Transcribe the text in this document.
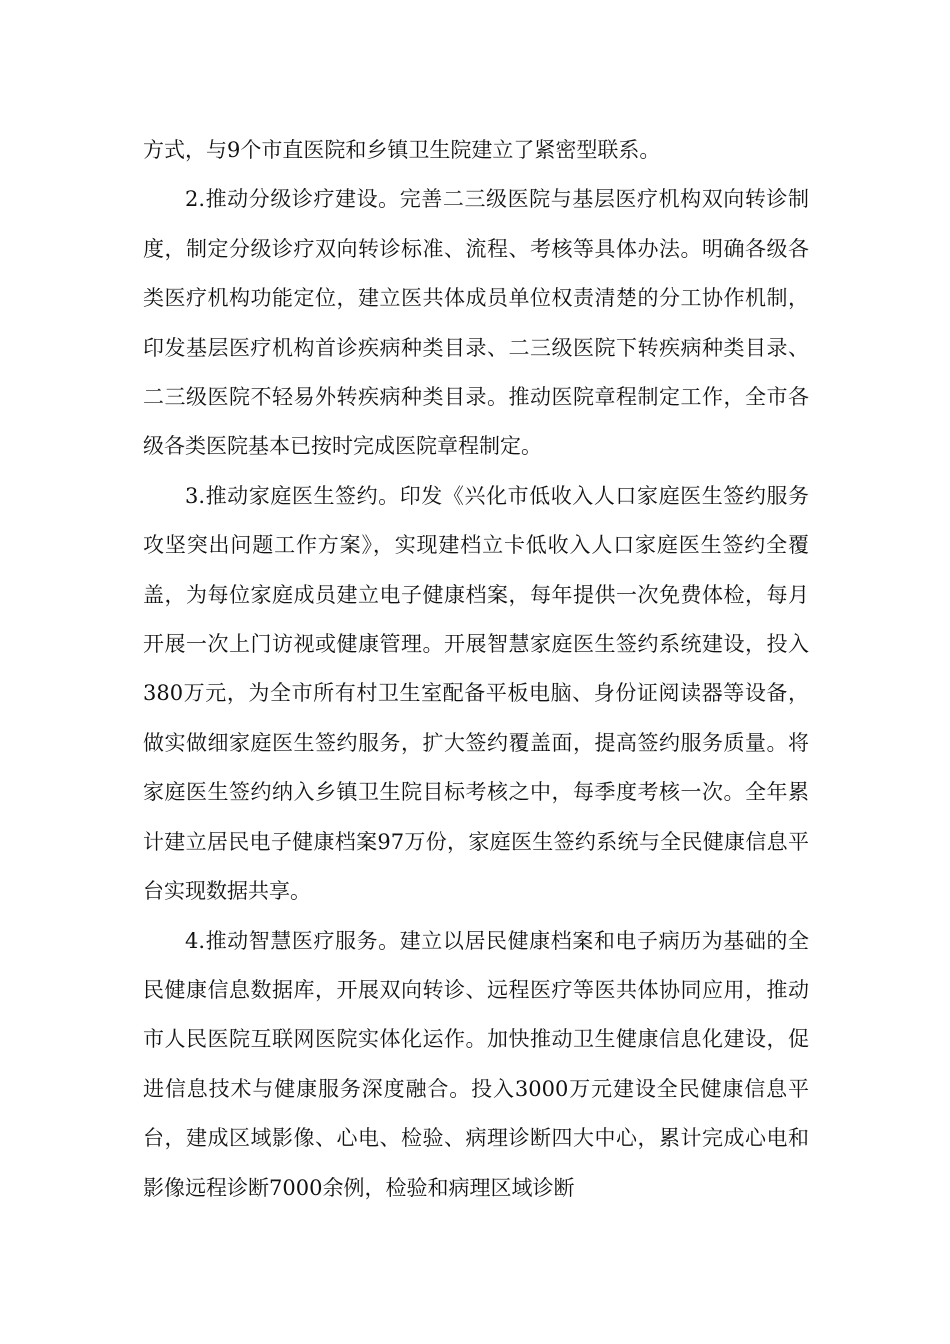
方式，与9个市直医院和乡镇卫生院建立了紧密型联系。

2.推动分级诊疗建设。完善二三级医院与基层医疗机构双向转诊制度，制定分级诊疗双向转诊标准、流程、考核等具体办法。明确各级各类医疗机构功能定位，建立医共体成员单位权责清楚的分工协作机制，印发基层医疗机构首诊疾病种类目录、二三级医院下转疾病种类目录、二三级医院不轻易外转疾病种类目录。推动医院章程制定工作，全市各级各类医院基本已按时完成医院章程制定。

3.推动家庭医生签约。印发《兴化市低收入人口家庭医生签约服务攻坚突出问题工作方案》，实现建档立卡低收入人口家庭医生签约全覆盖，为每位家庭成员建立电子健康档案，每年提供一次免费体检，每月开展一次上门访视或健康管理。开展智慧家庭医生签约系统建设，投入380万元，为全市所有村卫生室配备平板电脑、身份证阅读器等设备，做实做细家庭医生签约服务，扩大签约覆盖面，提高签约服务质量。将家庭医生签约纳入乡镇卫生院目标考核之中，每季度考核一次。全年累计建立居民电子健康档案97万份，家庭医生签约系统与全民健康信息平台实现数据共享。

4.推动智慧医疗服务。建立以居民健康档案和电子病历为基础的全民健康信息数据库，开展双向转诊、远程医疗等医共体协同应用，推动市人民医院互联网医院实体化运作。加快推动卫生健康信息化建设，促进信息技术与健康服务深度融合。投入3000万元建设全民健康信息平台，建成区域影像、心电、检验、病理诊断四大中心，累计完成心电和影像远程诊断7000余例，检验和病理区域诊断
